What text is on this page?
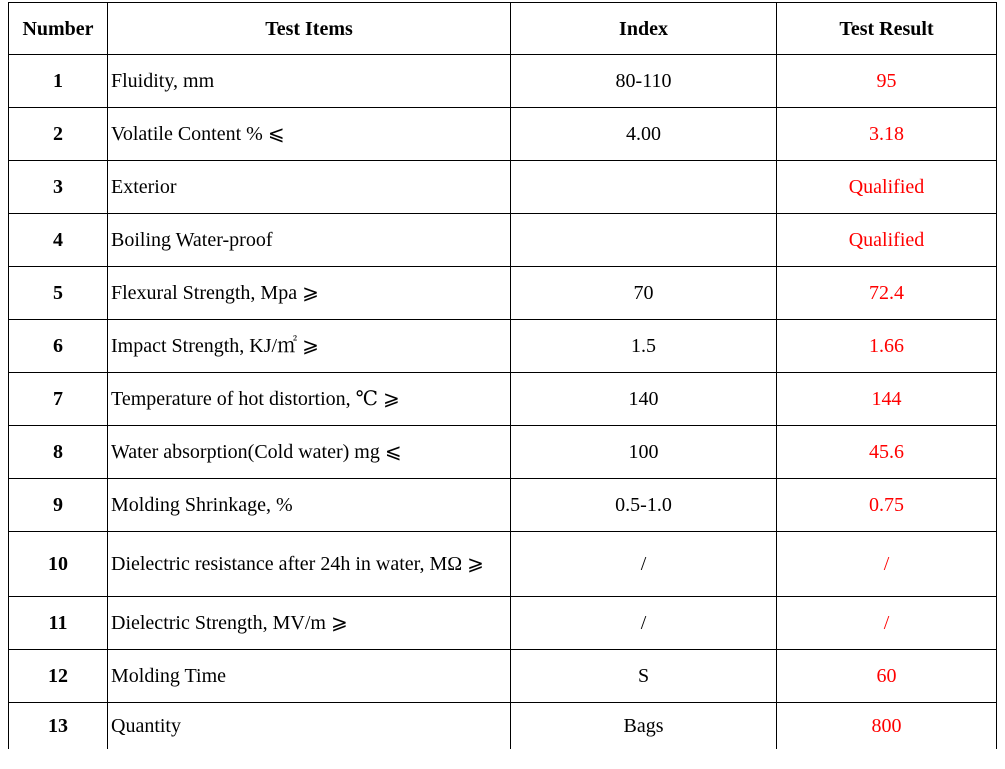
Number	Test Items	Index	Test Result
1	Fluidity, mm	80-110	95
2	Volatile Content % ⩽	4.00	3.18
3	Exterior		Qualified
4	Boiling Water-proof		Qualified
5	Flexural Strength, Mpa ⩾	70	72.4
6	Impact Strength, KJ/㎡ ⩾	1.5	1.66
7	Temperature of hot distortion, ℃ ⩾	140	144
8	Water absorption(Cold water) mg ⩽	100	45.6
9	Molding Shrinkage, %	0.5-1.0	0.75
10	Dielectric resistance after 24h in water, MΩ ⩾	/	/
11	Dielectric Strength, MV/m ⩾	/	/
12	Molding Time	S	60
13	Quantity	Bags	800
